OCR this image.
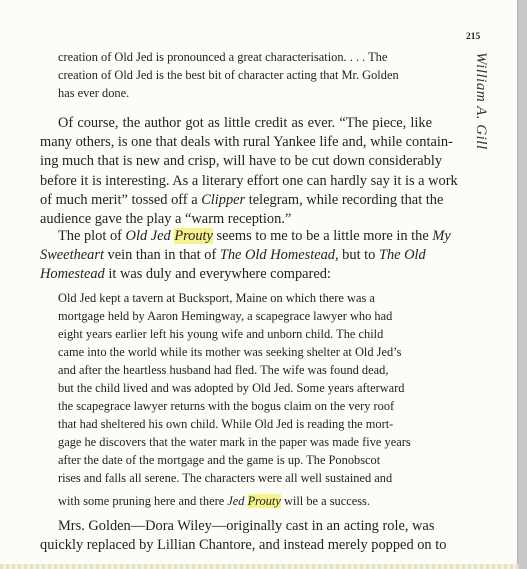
215
William A. Gill
creation of Old Jed is pronounced a great characterisation. . . . The
creation of Old Jed is the best bit of character acting that Mr. Golden
has ever done.
Of course, the author got as little credit as ever. “The piece, like
many others, is one that deals with rural Yankee life and, while contain-
ing much that is new and crisp, will have to be cut down considerably
before it is interesting. As a literary effort one can hardly say it is a work
of much merit” tossed off a Clipper telegram, while recording that the
audience gave the play a “warm reception.”
The plot of Old Jed Prouty seems to me to be a little more in the My
Sweetheart vein than in that of The Old Homestead, but to The Old
Homestead it was duly and everywhere compared:
Old Jed kept a tavern at Bucksport, Maine on which there was a
mortgage held by Aaron Hemingway, a scapegrace lawyer who had
eight years earlier left his young wife and unborn child. The child
came into the world while its mother was seeking shelter at Old Jed’s
and after the heartless husband had fled. The wife was found dead,
but the child lived and was adopted by Old Jed. Some years afterward
the scapegrace lawyer returns with the bogus claim on the very roof
that had sheltered his own child. While Old Jed is reading the mort-
gage he discovers that the water mark in the paper was made five years
after the date of the mortgage and the game is up. The Ponobscot
rises and falls all serene. The characters were all well sustained and
with some pruning here and there Jed Prouty will be a success.
Mrs. Golden—Dora Wiley—originally cast in an acting role, was
quickly replaced by Lillian Chantore, and instead merely popped on to
